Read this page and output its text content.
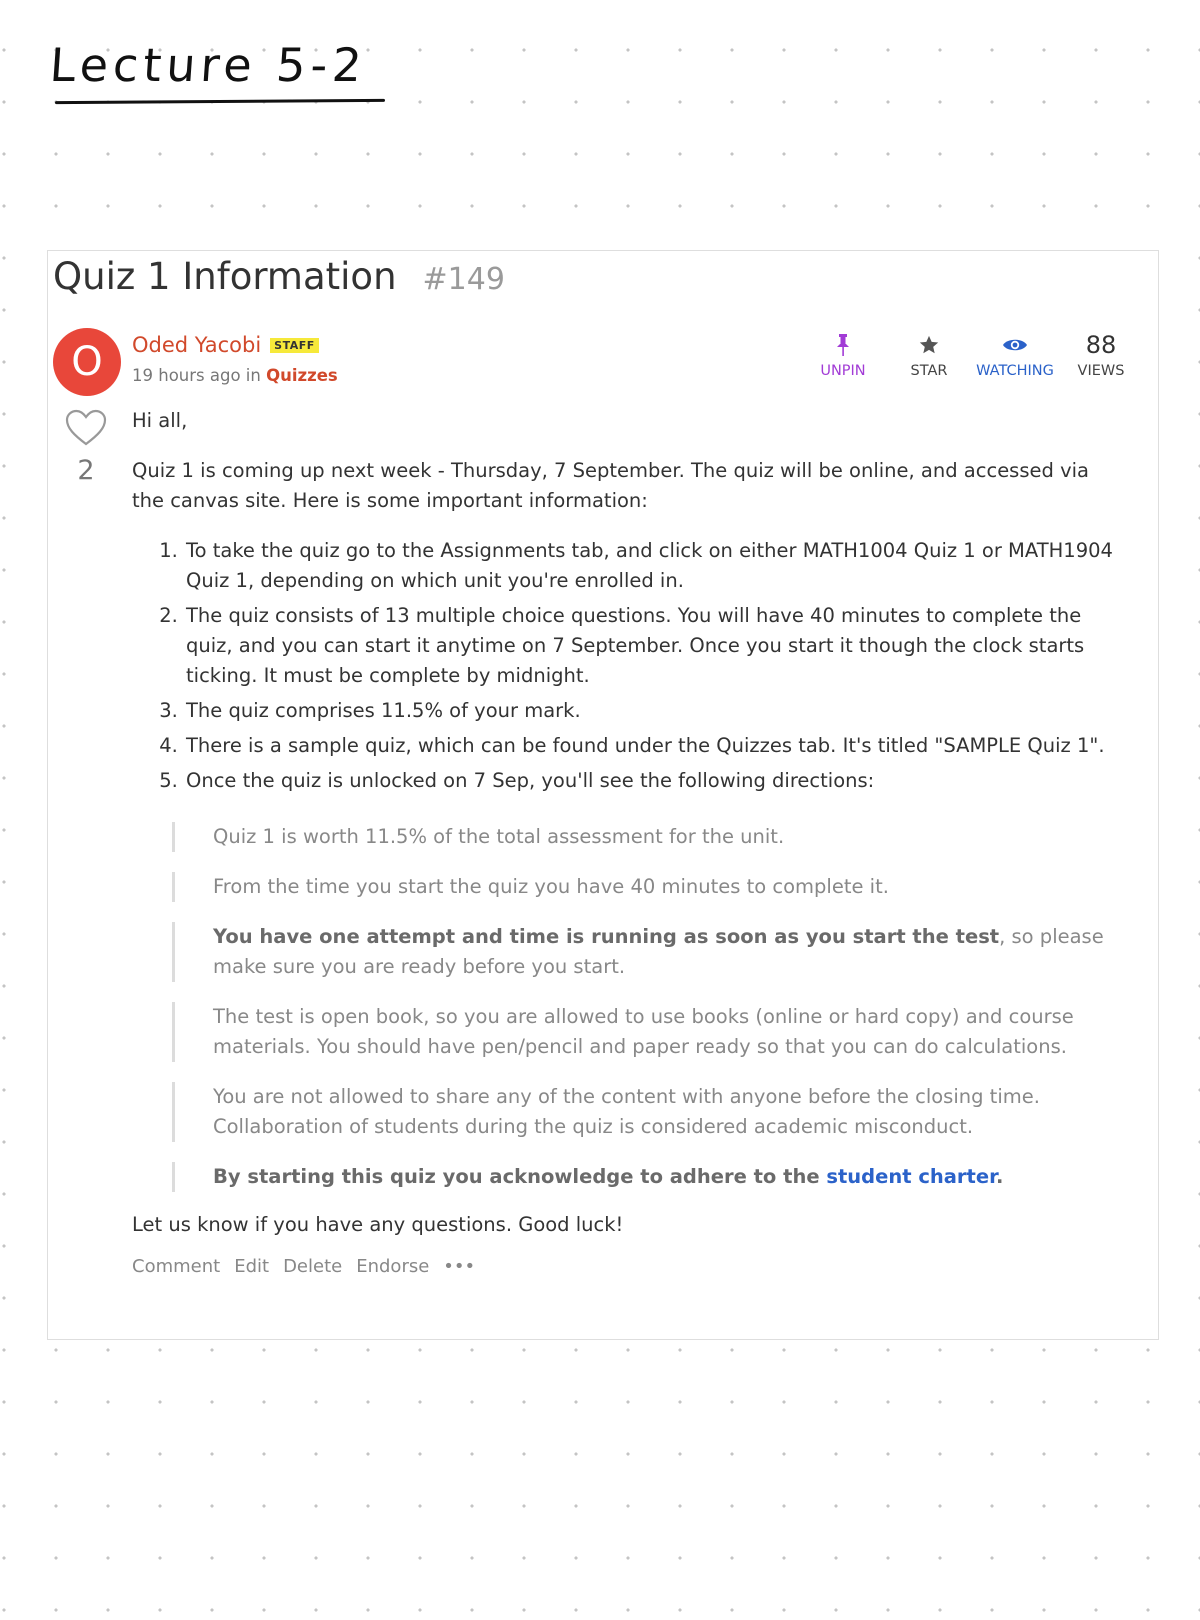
Lecture 5-2
Quiz 1 Information #149
O	Oded Yacobi	STAFF
19 hours ago in Quizzes	UNPIN	STAR	WATCHING
88
VIEWS
2

Hi all,

Quiz 1 is coming up next week - Thursday, 7 September. The quiz will be online, and accessed via the canvas site. Here is some important information:

1. To take the quiz go to the Assignments tab, and click on either MATH1004 Quiz 1 or MATH1904 Quiz 1, depending on which unit you're enrolled in.
2. The quiz consists of 13 multiple choice questions. You will have 40 minutes to complete the quiz, and you can start it anytime on 7 September. Once you start it though the clock starts ticking. It must be complete by midnight.
3. The quiz comprises 11.5% of your mark.
4. There is a sample quiz, which can be found under the Quizzes tab. It's titled "SAMPLE Quiz 1".
5. Once the quiz is unlocked on 7 Sep, you'll see the following directions:
Quiz 1 is worth 11.5% of the total assessment for the unit.
From the time you start the quiz you have 40 minutes to complete it.
You have one attempt and time is running as soon as you start the test, so please make sure you are ready before you start.
The test is open book, so you are allowed to use books (online or hard copy) and course materials. You should have pen/pencil and paper ready so that you can do calculations.
You are not allowed to share any of the content with anyone before the closing time. Collaboration of students during the quiz is considered academic misconduct.
By starting this quiz you acknowledge to adhere to the student charter.

Let us know if you have any questions. Good luck!

Comment Edit Delete Endorse •••
